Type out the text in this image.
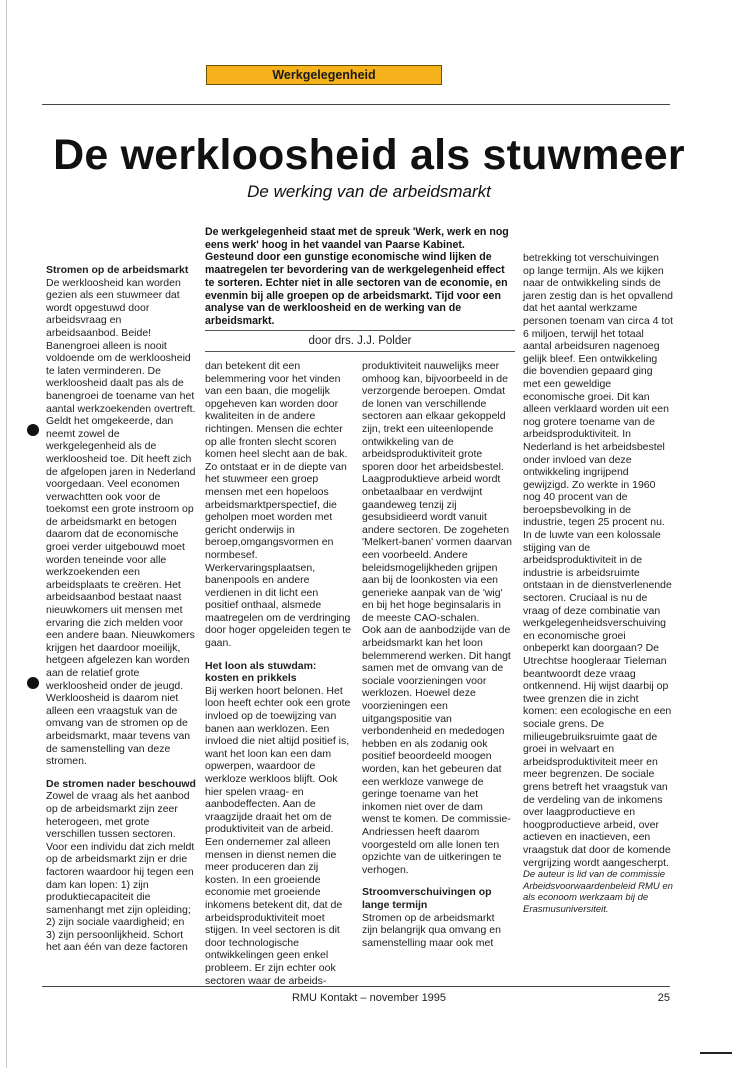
Werkgelegenheid
De werkloosheid als stuwmeer
De werking van de arbeidsmarkt
Stromen op de arbeidsmarkt

De werkloosheid kan worden gezien als een stuwmeer dat wordt opgestuwd door arbeidsvraag en arbeidsaanbod. Beide! Banengroei alleen is nooit voldoende om de werkloosheid te laten verminderen. De werkloosheid daalt pas als de banengroei de toename van het aantal werkzoekenden overtreft. Geldt het omgekeerde, dan neemt zowel de werkgelegenheid als de werkloosheid toe. Dit heeft zich de afgelopen jaren in Nederland voorgedaan. Veel economen verwachtten ook voor de toekomst een grote instroom op de arbeidsmarkt en betogen daarom dat de economische groei verder uitgebouwd moet worden teneinde voor alle werkzoekenden een arbeidsplaats te creëren. Het arbeidsaanbod bestaat naast nieuwkomers uit mensen met ervaring die zich melden voor een andere baan. Nieuwkomers krijgen het daardoor moeilijk, hetgeen afgelezen kan worden aan de relatief grote werkloosheid onder de jeugd. Werkloosheid is daarom niet alleen een vraagstuk van de omvang van de stromen op de arbeidsmarkt, maar tevens van de samenstelling van deze stromen.

De stromen nader beschouwd

Zowel de vraag als het aanbod op de arbeidsmarkt zijn zeer heterogeen, met grote verschillen tussen sectoren. Voor een individu dat zich meldt op de arbeidsmarkt zijn er drie factoren waardoor hij tegen een dam kan lopen: 1) zijn produktiecapaciteit die samenhangt met zijn opleiding; 2) zijn sociale vaardigheid; en 3) zijn persoonlijkheid. Schort het aan één van deze factoren

De werkgelegenheid staat met de spreuk 'Werk, werk en nog eens werk' hoog in het vaandel van Paarse Kabinet. Gesteund door een gunstige economische wind lijken de maatregelen ter bevordering van de werkgelegenheid effect te sorteren. Echter niet in alle sectoren van de economie, en evenmin bij alle groepen op de arbeidsmarkt. Tijd voor een analyse van de werkloosheid en de werking van de arbeidsmarkt.
door drs. J.J. Polder

dan betekent dit een belemmering voor het vinden van een baan, die mogelijk opgeheven kan worden door kwaliteiten in de andere richtingen. Mensen die echter op alle fronten slecht scoren komen heel slecht aan de bak. Zo ontstaat er in de diepte van het stuwmeer een groep mensen met een hopeloos arbeidsmarktperspectief, die geholpen moet worden met gericht onderwijs in beroep,omgangsvormen en normbesef. Werkervaringsplaatsen, banenpools en andere verdienen in dit licht een positief onthaal, alsmede maatregelen om de verdringing door hoger opgeleiden tegen te gaan.

Het loon als stuwdam: kosten en prikkels

Bij werken hoort belonen. Het loon heeft echter ook een grote invloed op de toewijzing van banen aan werklozen. Een invloed die niet altijd positief is, want het loon kan een dam opwerpen, waardoor de werkloze werkloos blijft. Ook hier spelen vraag- en aanbodeffecten. Aan de vraagzijde draait het om de produktiviteit van de arbeid. Een ondernemer zal alleen mensen in dienst nemen die meer produceren dan zij kosten. In een groeiende economie met groeiende inkomens betekent dit, dat de arbeidsproduktiviteit moet stijgen. In veel sectoren is dit door technologische ontwikkelingen geen enkel probleem. Er zijn echter ook sectoren waar de arbeids-

produktiviteit nauwelijks meer omhoog kan, bijvoorbeeld in de verzorgende beroepen. Omdat de lonen van verschillende sectoren aan elkaar gekoppeld zijn, trekt een uiteenlopende ontwikkeling van de arbeidsproduktiviteit grote sporen door het arbeidsbestel. Laagproduktieve arbeid wordt onbetaalbaar en verdwijnt gaandeweg tenzij zij gesubsidieerd wordt vanuit andere sectoren. De zogeheten 'Melkert-banen' vormen daarvan een voorbeeld. Andere beleidsmogelijkheden grijpen aan bij de loonkosten via een generieke aanpak van de 'wig' en bij het hoge beginsalaris in de meeste CAO-schalen.

Ook aan de aanbodzijde van de arbeidsmarkt kan het loon belemmerend werken. Dit hangt samen met de omvang van de sociale voorzieningen voor werklozen. Hoewel deze voorzieningen een uitgangspositie van verbondenheid en mededogen hebben en als zodanig ook positief beoordeeld moogen worden, kan het gebeuren dat een werkloze vanwege de geringe toename van het inkomen niet over de dam wenst te komen. De commissie-Andriessen heeft daarom voorgesteld om alle lonen ten opzichte van de uitkeringen te verhogen.

Stroomverschuivingen op lange termijn

Stromen op de arbeidsmarkt zijn belangrijk qua omvang en samenstelling maar ook met

betrekking tot verschuivingen op lange termijn. Als we kijken naar de ontwikkeling sinds de jaren zestig dan is het opvallend dat het aantal werkzame personen toenam van circa 4 tot 6 miljoen, terwijl het totaal aantal arbeidsuren nagenoeg gelijk bleef. Een ontwikkeling die bovendien gepaard ging met een geweldige economische groei. Dit kan alleen verklaard worden uit een nog grotere toename van de arbeidsproduktiviteit. In Nederland is het arbeidsbestel onder invloed van deze ontwikkeling ingrijpend gewijzigd. Zo werkte in 1960 nog 40 procent van de beroepsbevolking in de industrie, tegen 25 procent nu. In de luwte van een kolossale stijging van de arbeidsproduktiviteit in de industrie is arbeidsruimte ontstaan in de dienstverlenende sectoren. Cruciaal is nu de vraag of deze combinatie van werkgelegenheidsverschuiving en economische groei onbeperkt kan doorgaan? De Utrechtse hoogleraar Tieleman beantwoordt deze vraag ontkennend. Hij wijst daarbij op twee grenzen die in zicht komen: een ecologische en een sociale grens. De milieugebruiksruimte gaat de groei in welvaart en arbeidsproduktiviteit meer en meer begrenzen. De sociale grens betreft het vraagstuk van de verdeling van de inkomens over laagproductieve en hoogproductieve arbeid, over actieven en inactieven, een vraagstuk dat door de komende vergrijzing wordt aangescherpt.

De auteur is lid van de commissie Arbeidsvoorwaardenbeleid RMU en als econoom werkzaam bij de Erasmusuniversiteit.

RMU Kontakt – november 1995	25
